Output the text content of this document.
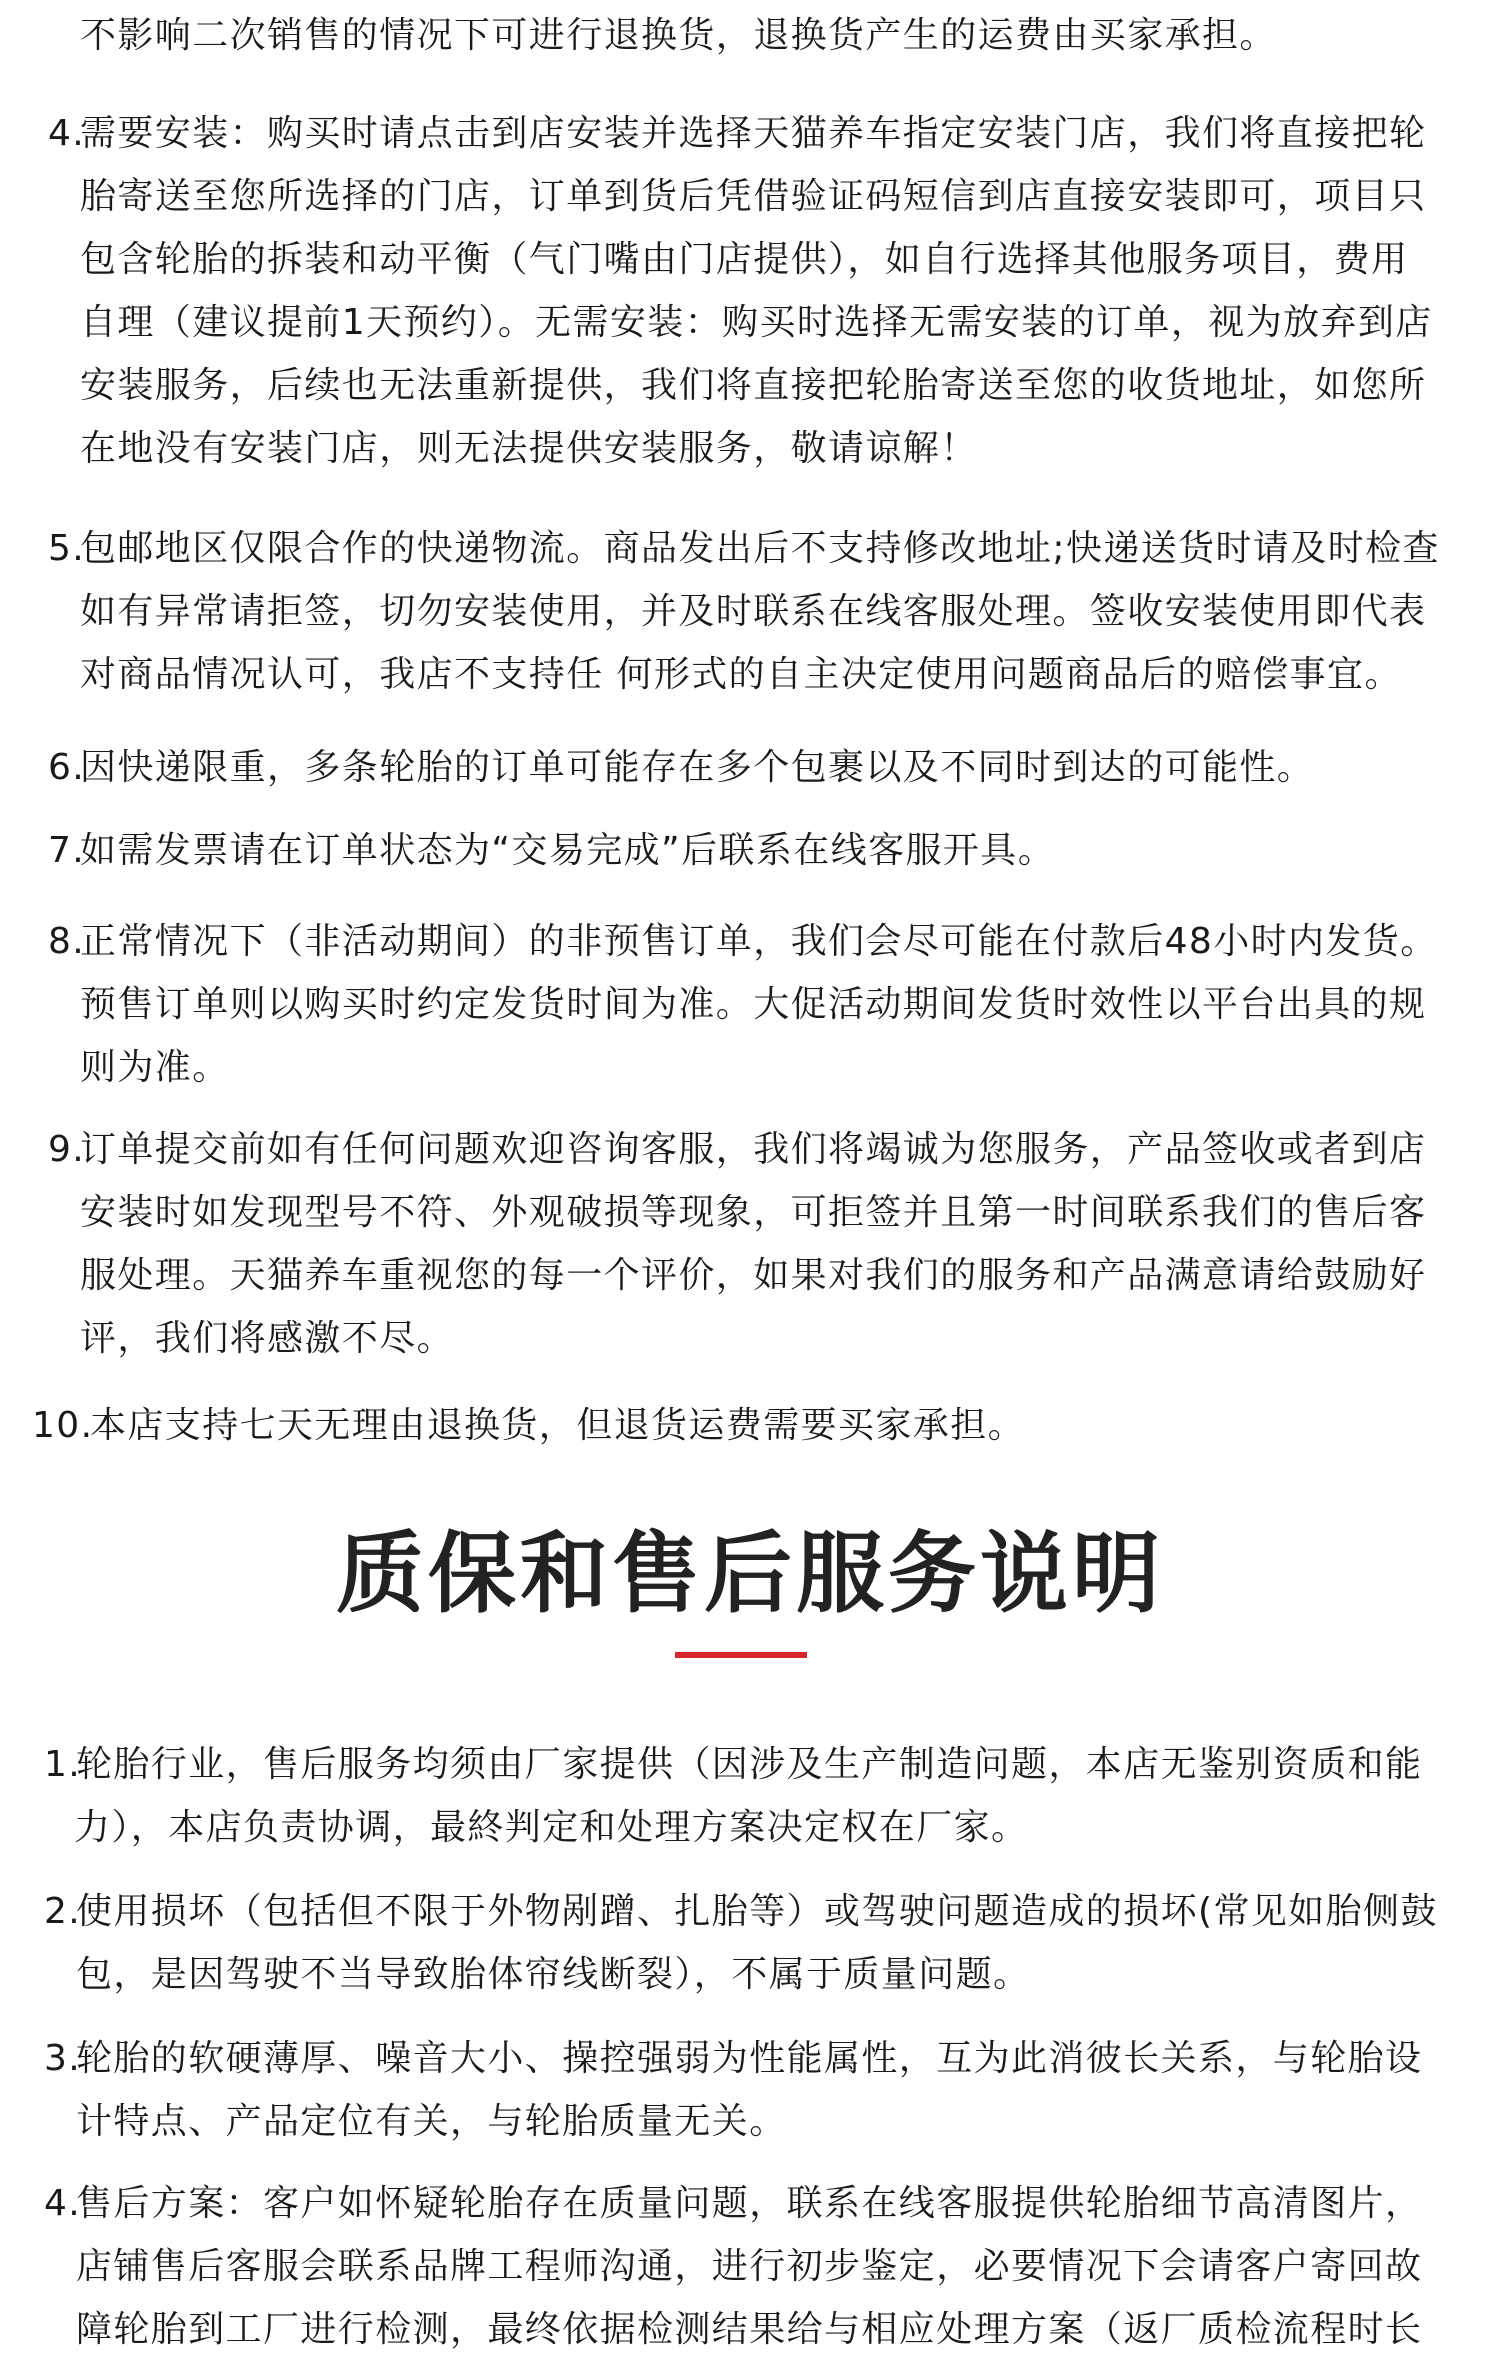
不影响二次销售的情况下可进行退换货，退换货产生的运费由买家承担。
4.
需要安装：购买时请点击到店安装并选择天猫养车指定安装门店，我们将直接把轮
胎寄送至您所选择的门店，订单到货后凭借验证码短信到店直接安装即可，项目只
包含轮胎的拆装和动平衡（气门嘴由门店提供），如自行选择其他服务项目，费用
自理（建议提前1天预约）。无需安装：购买时选择无需安装的订单，视为放弃到店
安装服务，后续也无法重新提供，我们将直接把轮胎寄送至您的收货地址，如您所
在地没有安装门店，则无法提供安装服务，敬请谅解！
5.
包邮地区仅限合作的快递物流。商品发出后不支持修改地址;快递送货时请及时检查
如有异常请拒签，切勿安装使用，并及时联系在线客服处理。签收安装使用即代表
对商品情况认可，我店不支持任 何形式的自主决定使用问题商品后的赔偿事宜。
6.
因快递限重，多条轮胎的订单可能存在多个包裹以及不同时到达的可能性。
7.
如需发票请在订单状态为“交易完成”后联系在线客服开具。
8.
正常情况下（非活动期间）的非预售订单，我们会尽可能在付款后48小时内发货。
预售订单则以购买时约定发货时间为准。大促活动期间发货时效性以平台出具的规
则为准。
9.
订单提交前如有任何问题欢迎咨询客服，我们将竭诚为您服务，产品签收或者到店
安装时如发现型号不符、外观破损等现象，可拒签并且第一时间联系我们的售后客
服处理。天猫养车重视您的每一个评价，如果对我们的服务和产品满意请给鼓励好
评，我们将感激不尽。
10.
本店支持七天无理由退换货，但退货运费需要买家承担。
质保和售后服务说明
1.
轮胎行业，售后服务均须由厂家提供（因涉及生产制造问题，本店无鉴别资质和能
力），本店负责协调，最終判定和处理方案决定权在厂家。
2.
使用损坏（包括但不限于外物剐蹭、扎胎等）或驾驶问题造成的损坏(常见如胎侧鼓
包，是因驾驶不当导致胎体帘线断裂），不属于质量问题。
3.
轮胎的软硬薄厚、噪音大小、操控强弱为性能属性，互为此消彼长关系，与轮胎设
计特点、产品定位有关，与轮胎质量无关。
4.
售后方案：客户如怀疑轮胎存在质量问题，联系在线客服提供轮胎细节高清图片，
店铺售后客服会联系品牌工程师沟通，进行初步鉴定，必要情况下会请客户寄回故
障轮胎到工厂进行检测，最终依据检测结果给与相应处理方案（返厂质检流程时长
